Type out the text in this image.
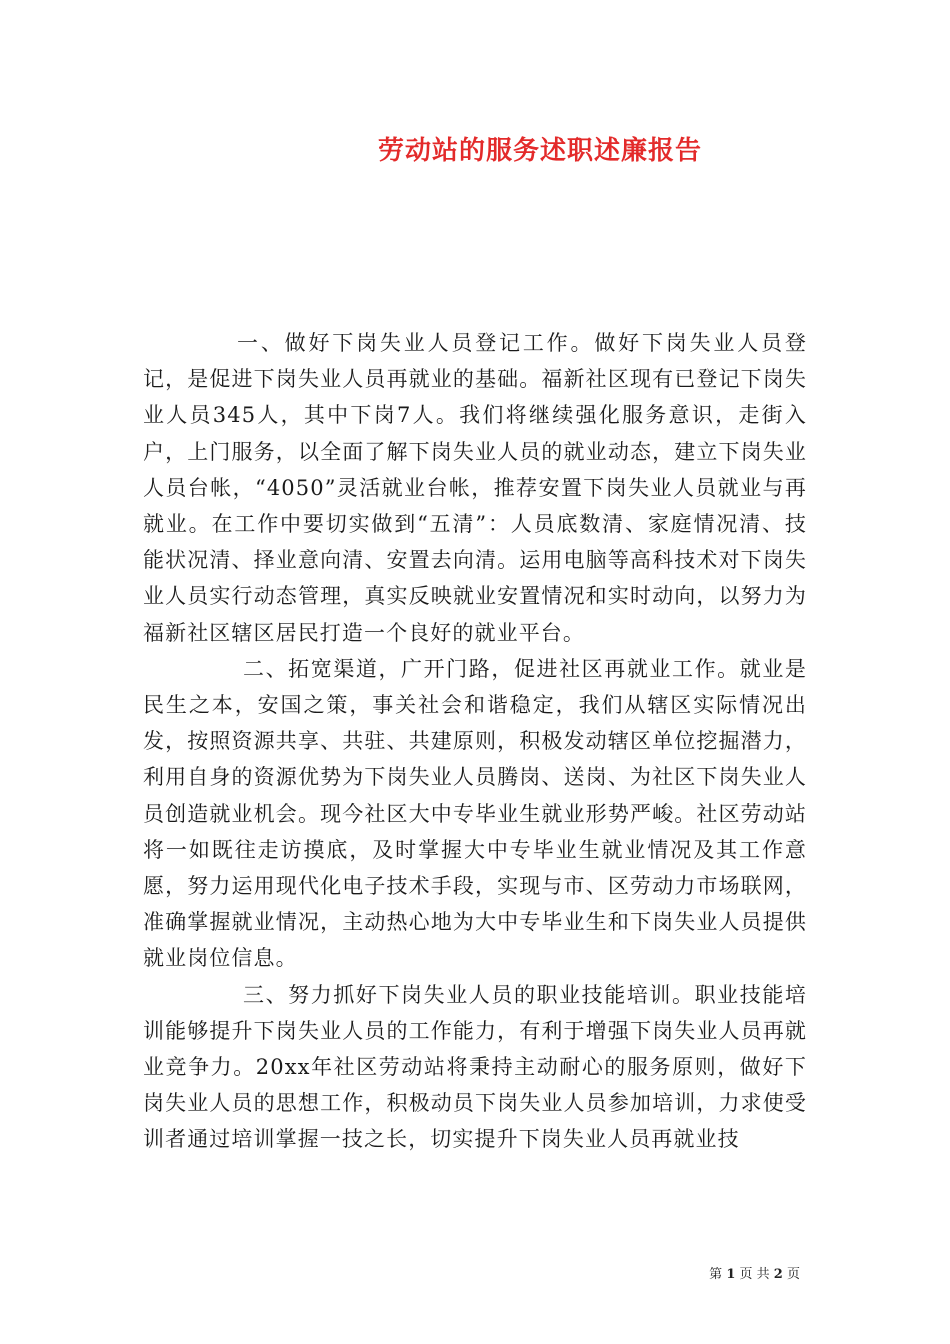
劳动站的服务述职述廉报告

一、做好下岗失业人员登记工作。做好下岗失业人员登记，是促进下岗失业人员再就业的基础。福新社区现有已登记下岗失业人员345人，其中下岗7人。我们将继续强化服务意识，走街入户，上门服务，以全面了解下岗失业人员的就业动态，建立下岗失业人员台帐，“4050”灵活就业台帐，推荐安置下岗失业人员就业与再就业。在工作中要切实做到“五清”：人员底数清、家庭情况清、技能状况清、择业意向清、安置去向清。运用电脑等高科技术对下岗失业人员实行动态管理，真实反映就业安置情况和实时动向，以努力为福新社区辖区居民打造一个良好的就业平台。

二、拓宽渠道，广开门路，促进社区再就业工作。就业是民生之本，安国之策，事关社会和谐稳定，我们从辖区实际情况出发，按照资源共享、共驻、共建原则，积极发动辖区单位挖掘潜力，利用自身的资源优势为下岗失业人员腾岗、送岗、为社区下岗失业人员创造就业机会。现今社区大中专毕业生就业形势严峻。社区劳动站将一如既往走访摸底，及时掌握大中专毕业生就业情况及其工作意愿，努力运用现代化电子技术手段，实现与市、区劳动力市场联网，准确掌握就业情况，主动热心地为大中专毕业生和下岗失业人员提供就业岗位信息。

三、努力抓好下岗失业人员的职业技能培训。职业技能培训能够提升下岗失业人员的工作能力，有利于增强下岗失业人员再就业竞争力。20xx年社区劳动站将秉持主动耐心的服务原则，做好下岗失业人员的思想工作，积极动员下岗失业人员参加培训，力求使受训者通过培训掌握一技之长，切实提升下岗失业人员再就业技

第 1 页 共 2 页
